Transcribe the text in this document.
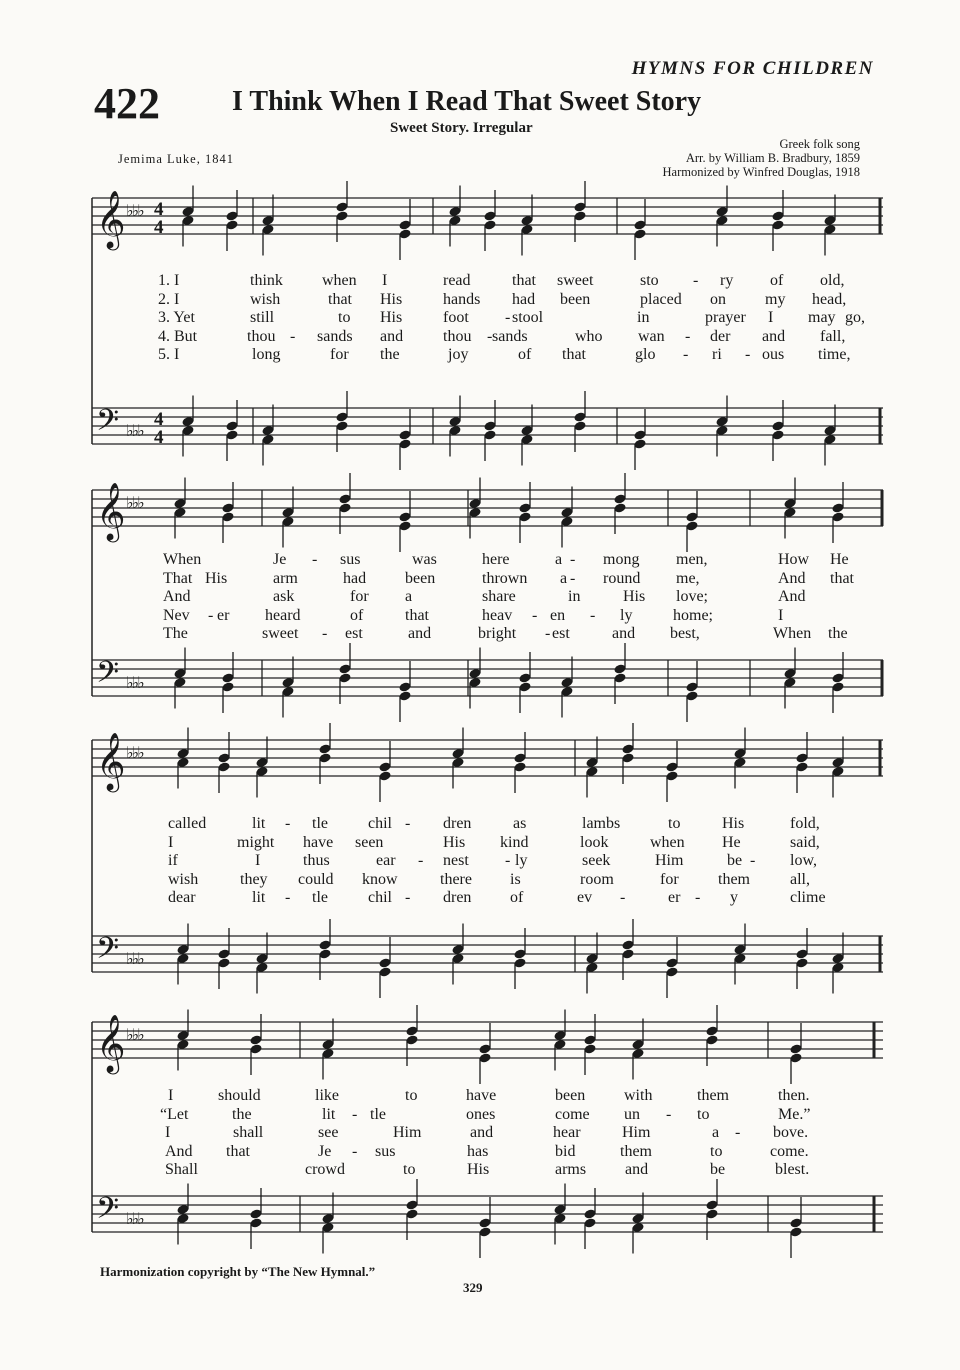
HYMNS FOR CHILDREN
422	I Think When I Read That Sweet Story
Sweet Story. Irregular
Jemima Luke, 1841
Greek folk song
Arr. by William B. Bradbury, 1859
Harmonized by Winfred Douglas, 1918
𝄞 ♭♭♭ 4
4
𝄢 ♭♭♭
4
4
𝄞 ♭♭♭
𝄢 ♭♭♭
𝄞 ♭♭♭
𝄢 ♭♭♭
𝄞 ♭♭♭
𝄢 ♭♭♭
1. I	think when I	read	that sweet	sto - ry of old,
2. I	wish	that His	hands had been	placed on my head,
3. Yet	still	to His	foot - stool	in	prayer I may go,
4. But	thou - sands and thou - sands	who wan - der and fall,
5. I	long	for the	joy	of that	glo - ri - ous time,
When	Je - sus	was	here	a - mong men,	How He
That His	arm	had been	thrown a - round me,	And that
And	ask	for a	share	in	His love;	And
Nev - er heard	of	that	heav - en - ly	home;	I
The	sweet - est	and	bright - est	and best,	When the
called	lit - tle	chil - dren	as	lambs	to	His	fold,
I	might have seen	His kind	look	when He	said,
if	I	thus	ear - nest - ly	seek	Him	be - low,
wish	they could know	there is	room	for them	all,
dear	lit - tle	chil - dren of	ev -	er - y	clime
I	should	like	to	have	been with	them	then.
“Let	the	lit - tle	ones	come un - to	Me.”
I	shall	see	Him	and	hear	Him	a - bove.
And that	Je - sus	has	bid	them	to	come.
Shall	crowd	to	His	arms and	be	blest.
Harmonization copyright by “The New Hymnal.”
329
